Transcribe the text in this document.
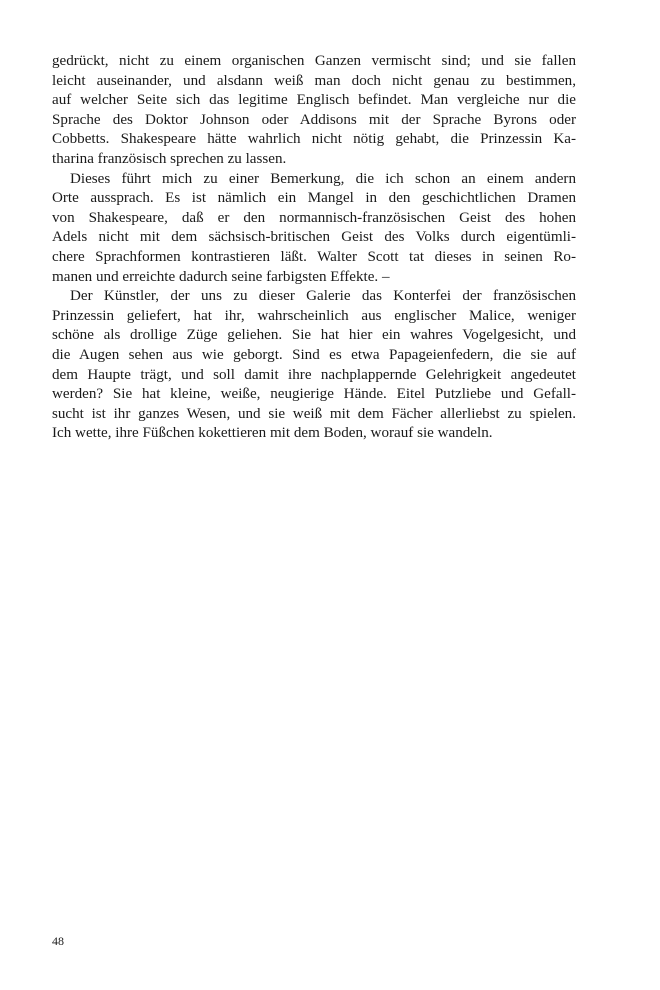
gedrückt, nicht zu einem organischen Ganzen vermischt sind; und sie fallen
leicht auseinander, und alsdann weiß man doch nicht genau zu bestimmen,
auf welcher Seite sich das legitime Englisch befindet. Man vergleiche nur die
Sprache des Doktor Johnson oder Addisons mit der Sprache Byrons oder
Cobbetts. Shakespeare hätte wahrlich nicht nötig gehabt, die Prinzessin Ka-
tharina französisch sprechen zu lassen.
Dieses führt mich zu einer Bemerkung, die ich schon an einem andern
Orte aussprach. Es ist nämlich ein Mangel in den geschichtlichen Dramen
von Shakespeare, daß er den normannisch-französischen Geist des hohen
Adels nicht mit dem sächsisch-britischen Geist des Volks durch eigentümli-
chere Sprachformen kontrastieren läßt. Walter Scott tat dieses in seinen Ro-
manen und erreichte dadurch seine farbigsten Effekte. –
Der Künstler, der uns zu dieser Galerie das Konterfei der französischen
Prinzessin geliefert, hat ihr, wahrscheinlich aus englischer Malice, weniger
schöne als drollige Züge geliehen. Sie hat hier ein wahres Vogelgesicht, und
die Augen sehen aus wie geborgt. Sind es etwa Papageienfedern, die sie auf
dem Haupte trägt, und soll damit ihre nachplappernde Gelehrigkeit angedeutet
werden? Sie hat kleine, weiße, neugierige Hände. Eitel Putzliebe und Gefall-
sucht ist ihr ganzes Wesen, und sie weiß mit dem Fächer allerliebst zu spielen.
Ich wette, ihre Füßchen kokettieren mit dem Boden, worauf sie wandeln.
48
